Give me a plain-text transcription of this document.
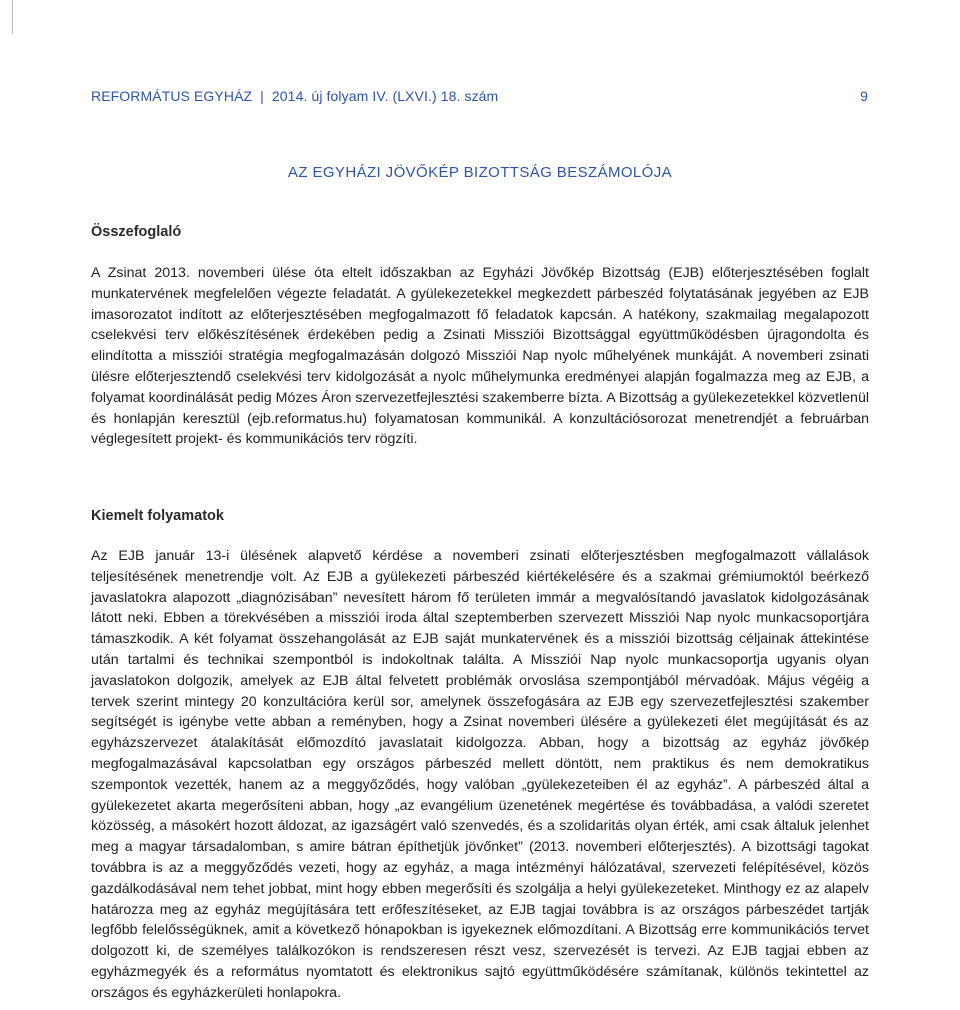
REFORMÁTUS EGYHÁZ | 2014. új folyam IV. (LXVI.) 18. szám	9
AZ EGYHÁZI JÖVŐKÉP BIZOTTSÁG BESZÁMOLÓJA
Összefoglaló

A Zsinat 2013. novemberi ülése óta eltelt időszakban az Egyházi Jövőkép Bizottság (EJB) előterjesztésében foglalt munkatervének megfelelően végezte feladatát. A gyülekezetekkel megkezdett párbeszéd folytatásának jegyében az EJB imasorozatot indított az előterjesztésében megfogalmazott fő feladatok kapcsán. A hatékony, szakmailag megalapozott cselekvési terv előkészítésének érdekében pedig a Zsinati Missziói Bizottsággal együttműködésben újragondolta és elindította a missziói stratégia megfogalmazásán dolgozó Missziói Nap nyolc műhelyének munkáját. A novemberi zsinati ülésre előterjesztendő cselekvési terv kidolgozását a nyolc műhelymunka eredményei alapján fogalmazza meg az EJB, a folyamat koordinálását pedig Mózes Áron szervezetfejlesztési szakemberre bízta. A Bizottság a gyülekezetekkel közvetlenül és honlapján keresztül (ejb.reformatus.hu) folyamatosan kommunikál. A konzultációsorozat menetrendjét a februárban véglegesített projekt- és kommunikációs terv rögzíti.

Kiemelt folyamatok

Az EJB január 13-i ülésének alapvető kérdése a novemberi zsinati előterjesztésben megfogalmazott vállalások teljesítésének menetrendje volt. Az EJB a gyülekezeti párbeszéd kiértékelésére és a szakmai grémiumoktól beérkező javaslatokra alapozott „diagnózisában” nevesített három fő területen immár a megvalósítandó javaslatok kidolgozásának látott neki. Ebben a törekvésében a missziói iroda által szeptemberben szervezett Missziói Nap nyolc munkacsoportjára támaszkodik. A két folyamat összehangolását az EJB saját munkatervének és a missziói bizottság céljainak áttekintése után tartalmi és technikai szempontból is indokoltnak találta. A Missziói Nap nyolc munkacsoportja ugyanis olyan javaslatokon dolgozik, amelyek az EJB által felvetett problémák orvoslása szempontjából mérvadóak. Május végéig a tervek szerint mintegy 20 konzultációra kerül sor, amelynek összefogására az EJB egy szervezetfejlesztési szakember segítségét is igénybe vette abban a reményben, hogy a Zsinat novemberi ülésére a gyülekezeti élet megújítását és az egyházszervezet átalakítását előmozdító javaslatait kidolgozza. Abban, hogy a bizottság az egyház jövőkép megfogalmazásával kapcsolatban egy országos párbeszéd mellett döntött, nem praktikus és nem demokratikus szempontok vezették, hanem az a meggyőződés, hogy valóban „gyülekezeteiben él az egyház”. A párbeszéd által a gyülekezetet akarta megerősíteni abban, hogy „az evangélium üzenetének megértése és továbbadása, a valódi szeretet közösség, a másokért hozott áldozat, az igazságért való szenvedés, és a szolidaritás olyan érték, ami csak általuk jelenhet meg a magyar társadalomban, s amire bátran építhetjük jövőnket” (2013. novemberi előterjesztés). A bizottsági tagokat továbbra is az a meggyőződés vezeti, hogy az egyház, a maga intézményi hálózatával, szervezeti felépítésével, közös gazdálkodásával nem tehet jobbat, mint hogy ebben megerősíti és szolgálja a helyi gyülekezeteket. Minthogy ez az alapelv határozza meg az egyház megújítására tett erőfeszítéseket, az EJB tagjai továbbra is az országos párbeszédet tartják legfőbb felelősségüknek, amit a következő hónapokban is igyekeznek előmozdítani. A Bizottság erre kommunikációs tervet dolgozott ki, de személyes találkozókon is rendszeresen részt vesz, szervezését is tervezi. Az EJB tagjai ebben az egyházmegyék és a református nyomtatott és elektronikus sajtó együttműködésére számítanak, különös tekintettel az országos és egyházkerületi honlapokra.
